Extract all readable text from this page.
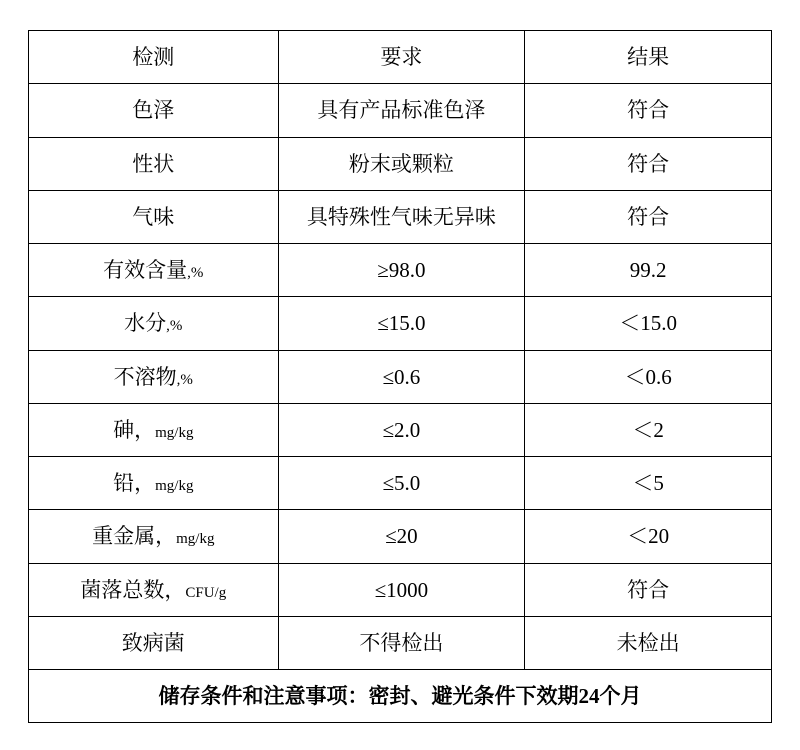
检测	要求	结果
色泽	具有产品标准色泽	符合
性状	粉末或颗粒	符合
气味	具特殊性气味无异味	符合
有效含量,%	≥98.0	99.2
水分,%	≤15.0	＜15.0
不溶物,%	≤0.6	＜0.6
砷，mg/kg	≤2.0	＜2
铅，mg/kg	≤5.0	＜5
重金属，mg/kg	≤20	＜20
菌落总数，CFU/g	≤1000	符合
致病菌	不得检出	未检出
储存条件和注意事项：密封、避光条件下效期24个月		
